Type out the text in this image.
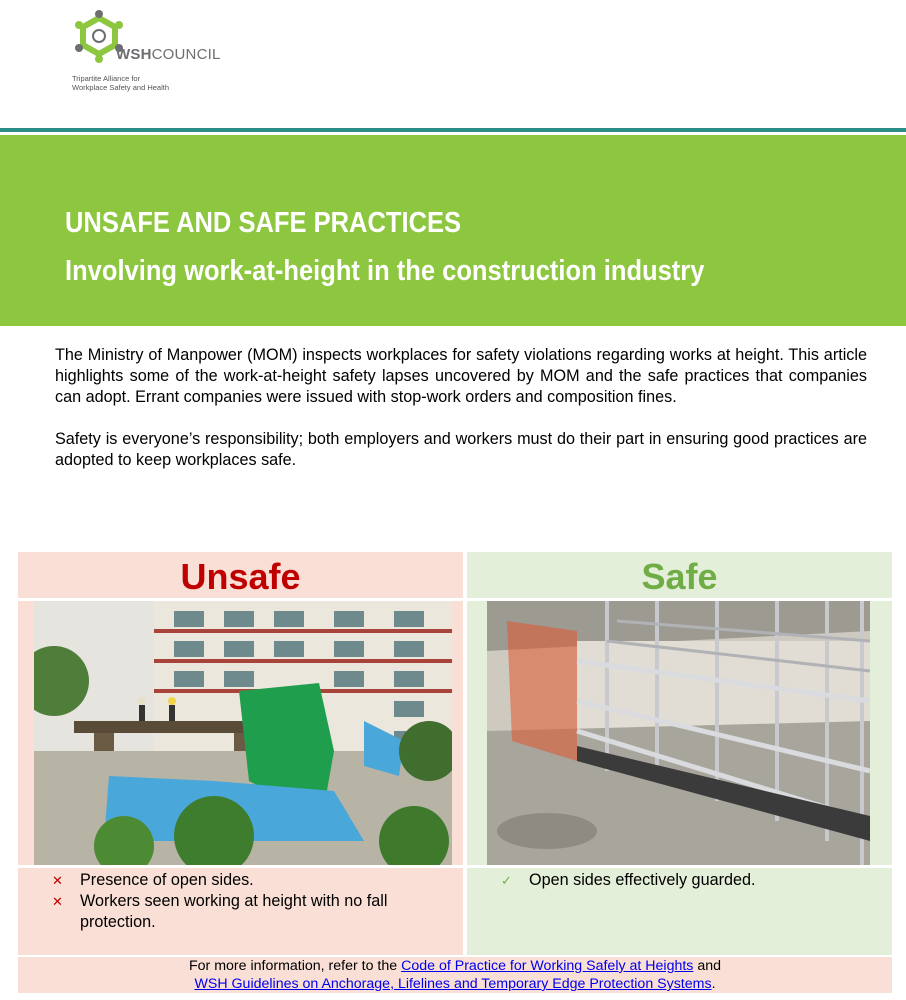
WSHCOUNCIL
Tripartite Alliance for
Workplace Safety and Health
UNSAFE AND SAFE PRACTICES
Involving work-at-height in the construction industry

The Ministry of Manpower (MOM) inspects workplaces for safety violations regarding works at height. This article highlights some of the work-at-height safety lapses uncovered by MOM and the safe practices that companies can adopt. Errant companies were issued with stop-work orders and composition fines.

Safety is everyone’s responsibility; both employers and workers must do their part in ensuring good practices are adopted to keep workplaces safe.

Unsafe
✕ Presence of open sides.
✕ Workers seen working at height with no fall protection.
Safe
✓ Open sides effectively guarded.
For more information, refer to the Code of Practice for Working Safely at Heights and
WSH Guidelines on Anchorage, Lifelines and Temporary Edge Protection Systems.
